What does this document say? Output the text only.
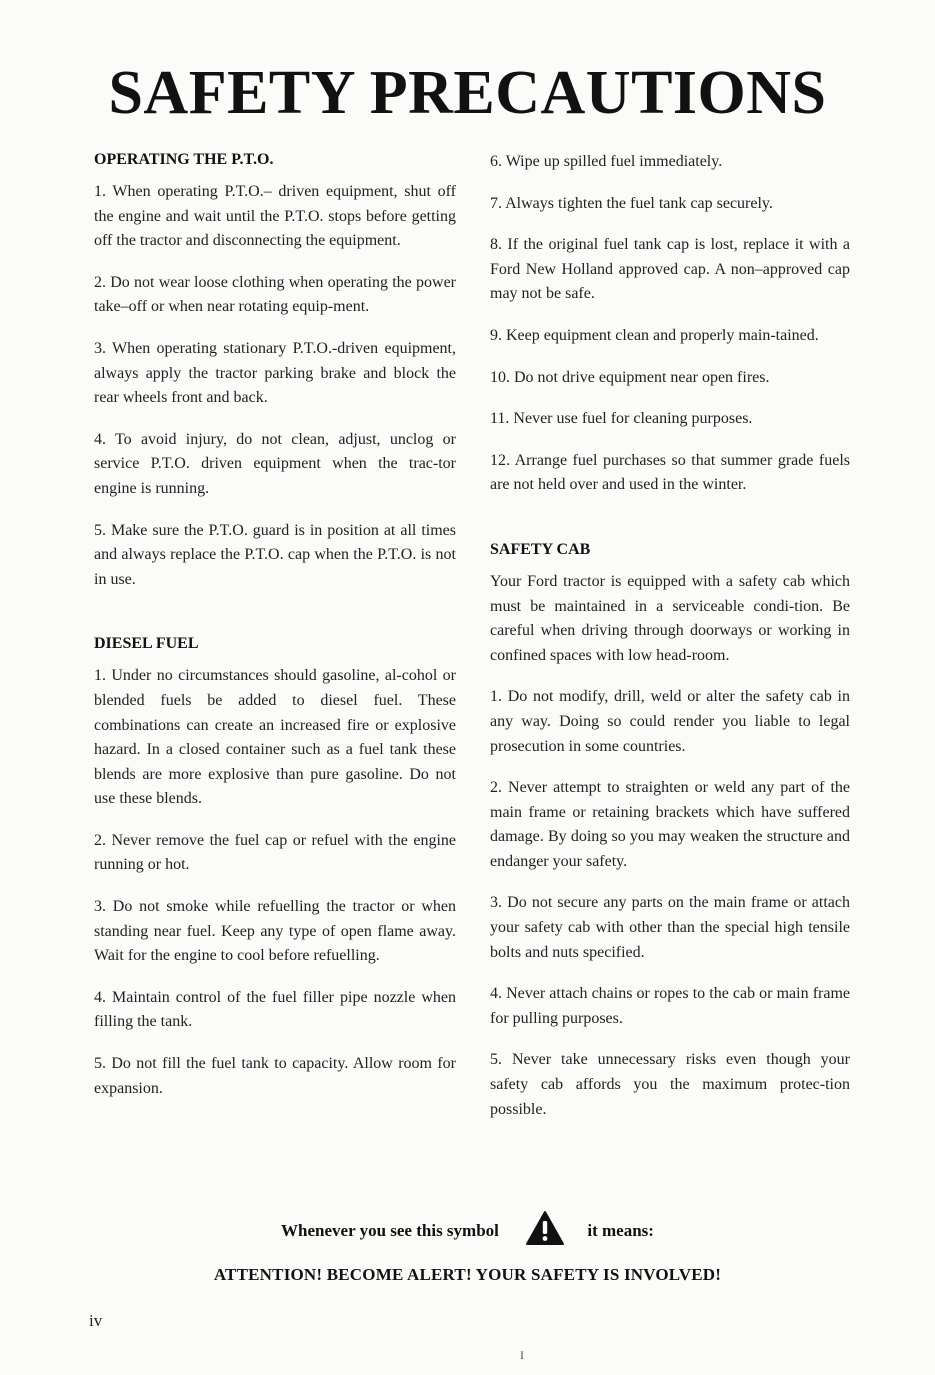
SAFETY PRECAUTIONS
OPERATING THE P.T.O.

1. When operating P.T.O.– driven equipment, shut off the engine and wait until the P.T.O. stops before getting off the tractor and disconnecting the equipment.

2. Do not wear loose clothing when operating the power take–off or when near rotating equip-ment.

3. When operating stationary P.T.O.-driven equipment, always apply the tractor parking brake and block the rear wheels front and back.

4. To avoid injury, do not clean, adjust, unclog or service P.T.O. driven equipment when the trac-tor engine is running.

5. Make sure the P.T.O. guard is in position at all times and always replace the P.T.O. cap when the P.T.O. is not in use.

DIESEL FUEL

1. Under no circumstances should gasoline, al-cohol or blended fuels be added to diesel fuel. These combinations can create an increased fire or explosive hazard. In a closed container such as a fuel tank these blends are more explosive than pure gasoline. Do not use these blends.

2. Never remove the fuel cap or refuel with the engine running or hot.

3. Do not smoke while refuelling the tractor or when standing near fuel. Keep any type of open flame away. Wait for the engine to cool before refuelling.

4. Maintain control of the fuel filler pipe nozzle when filling the tank.

5. Do not fill the fuel tank to capacity. Allow room for expansion.

6. Wipe up spilled fuel immediately.

7. Always tighten the fuel tank cap securely.

8. If the original fuel tank cap is lost, replace it with a Ford New Holland approved cap. A non–approved cap may not be safe.

9. Keep equipment clean and properly main-tained.

10. Do not drive equipment near open fires.

11. Never use fuel for cleaning purposes.

12. Arrange fuel purchases so that summer grade fuels are not held over and used in the winter.

SAFETY CAB

Your Ford tractor is equipped with a safety cab which must be maintained in a serviceable condi-tion. Be careful when driving through doorways or working in confined spaces with low head-room.

1. Do not modify, drill, weld or alter the safety cab in any way. Doing so could render you liable to legal prosecution in some countries.

2. Never attempt to straighten or weld any part of the main frame or retaining brackets which have suffered damage. By doing so you may weaken the structure and endanger your safety.

3. Do not secure any parts on the main frame or attach your safety cab with other than the special high tensile bolts and nuts specified.

4. Never attach chains or ropes to the cab or main frame for pulling purposes.

5. Never take unnecessary risks even though your safety cab affords you the maximum protec-tion possible.

Whenever you see this symbol	it means:
ATTENTION! BECOME ALERT! YOUR SAFETY IS INVOLVED!
iv
I
